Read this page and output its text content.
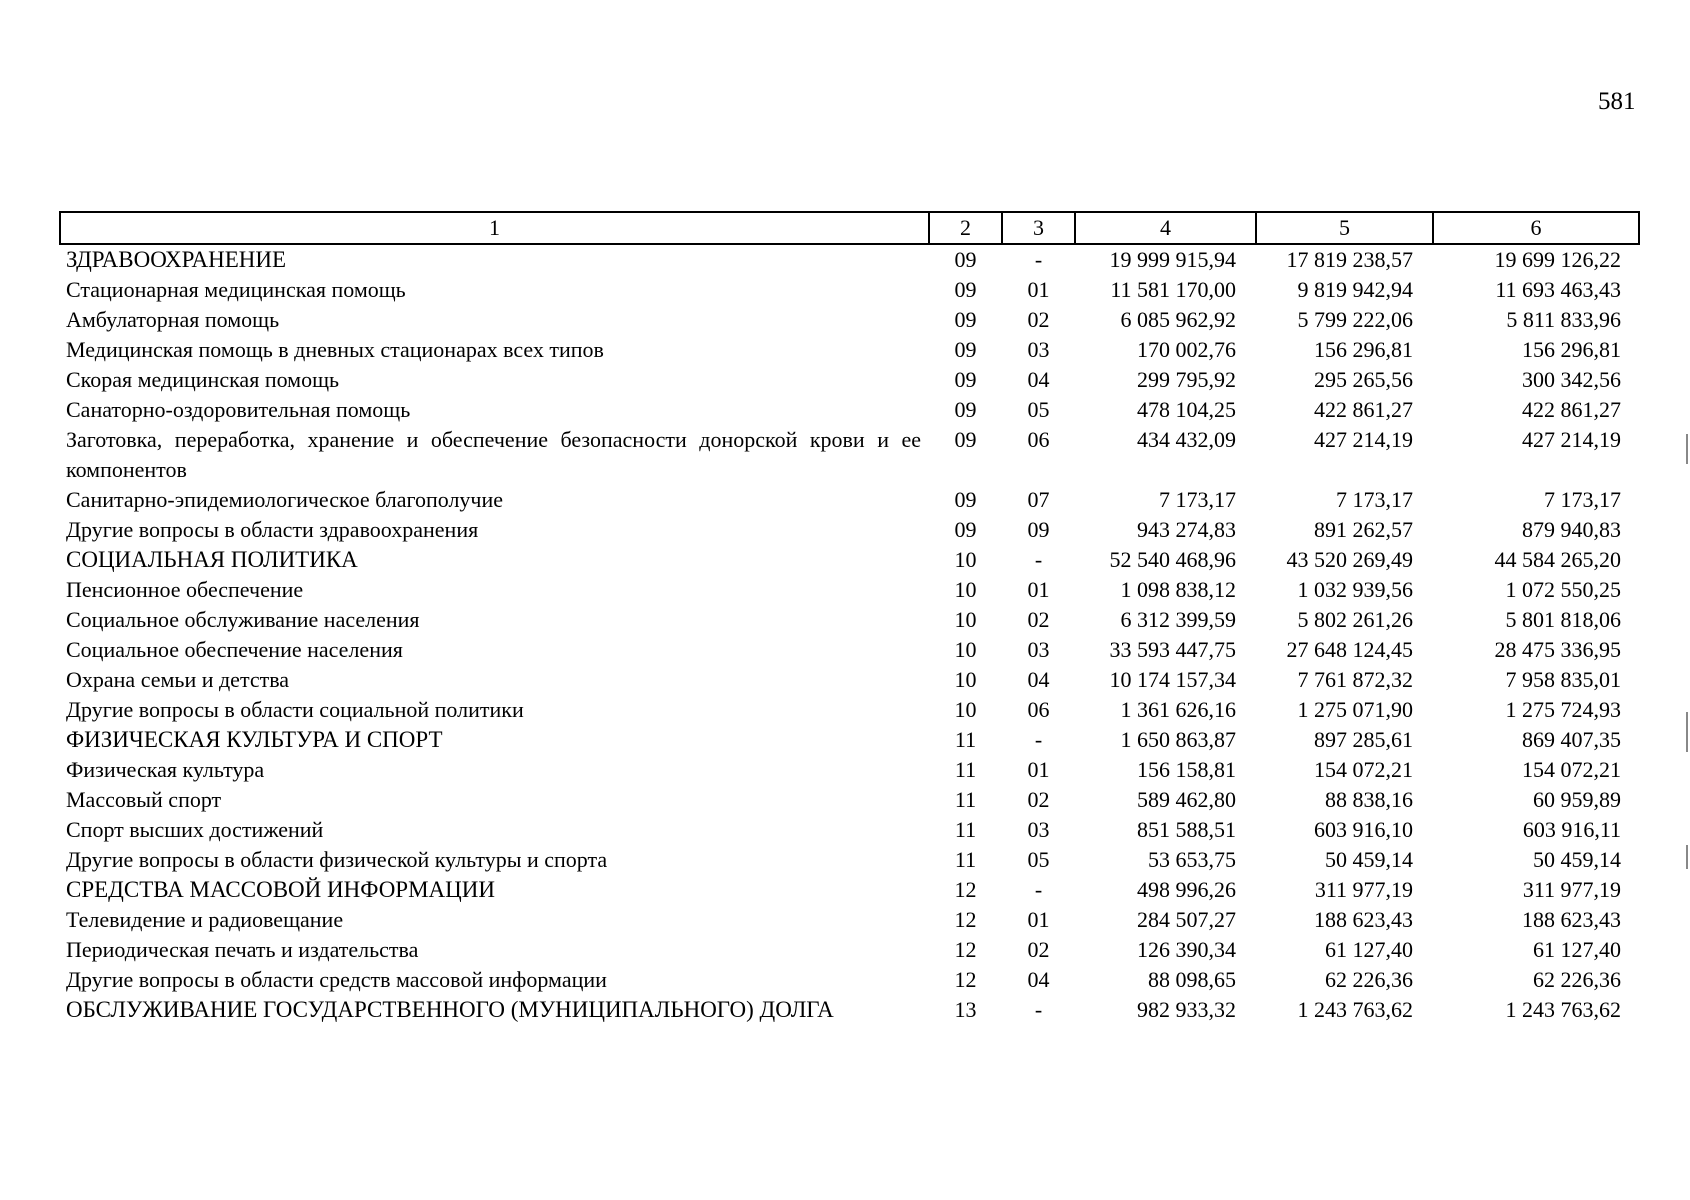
581
1	2	3	4	5	6
ЗДРАВООХРАНЕНИЕ	09	-	19 999 915,94	17 819 238,57	19 699 126,22
Стационарная медицинская помощь	09	01	11 581 170,00	9 819 942,94	11 693 463,43
Амбулаторная помощь	09	02	6 085 962,92	5 799 222,06	5 811 833,96
Медицинская помощь в дневных стационарах всех типов	09	03	170 002,76	156 296,81	156 296,81
Скорая медицинская помощь	09	04	299 795,92	295 265,56	300 342,56
Санаторно-оздоровительная помощь	09	05	478 104,25	422 861,27	422 861,27
Заготовка, переработка, хранение и обеспечение безопасности донорской крови и ее компонентов	09	06	434 432,09	427 214,19	427 214,19
Санитарно-эпидемиологическое благополучие	09	07	7 173,17	7 173,17	7 173,17
Другие вопросы в области здравоохранения	09	09	943 274,83	891 262,57	879 940,83
СОЦИАЛЬНАЯ ПОЛИТИКА	10	-	52 540 468,96	43 520 269,49	44 584 265,20
Пенсионное обеспечение	10	01	1 098 838,12	1 032 939,56	1 072 550,25
Социальное обслуживание населения	10	02	6 312 399,59	5 802 261,26	5 801 818,06
Социальное обеспечение населения	10	03	33 593 447,75	27 648 124,45	28 475 336,95
Охрана семьи и детства	10	04	10 174 157,34	7 761 872,32	7 958 835,01
Другие вопросы в области социальной политики	10	06	1 361 626,16	1 275 071,90	1 275 724,93
ФИЗИЧЕСКАЯ КУЛЬТУРА И СПОРТ	11	-	1 650 863,87	897 285,61	869 407,35
Физическая культура	11	01	156 158,81	154 072,21	154 072,21
Массовый спорт	11	02	589 462,80	88 838,16	60 959,89
Спорт высших достижений	11	03	851 588,51	603 916,10	603 916,11
Другие вопросы в области физической культуры и спорта	11	05	53 653,75	50 459,14	50 459,14
СРЕДСТВА МАССОВОЙ ИНФОРМАЦИИ	12	-	498 996,26	311 977,19	311 977,19
Телевидение и радиовещание	12	01	284 507,27	188 623,43	188 623,43
Периодическая печать и издательства	12	02	126 390,34	61 127,40	61 127,40
Другие вопросы в области средств массовой информации	12	04	88 098,65	62 226,36	62 226,36
ОБСЛУЖИВАНИЕ ГОСУДАРСТВЕННОГО (МУНИЦИПАЛЬНОГО) ДОЛГА	13	-	982 933,32	1 243 763,62	1 243 763,62
